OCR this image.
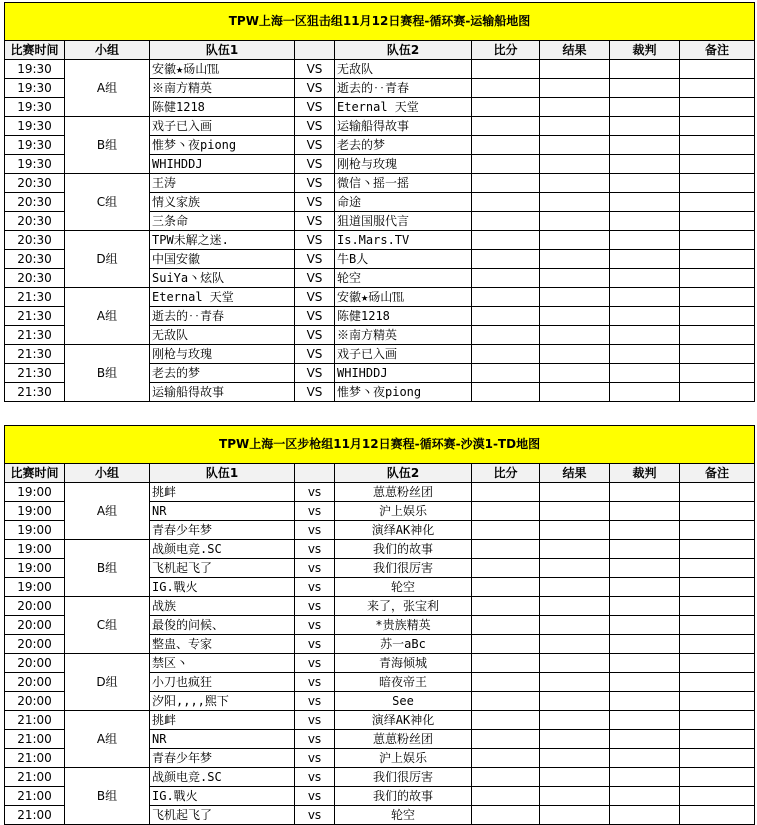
TPW上海一区狙击组11月12日赛程-循环赛-运输船地图								
比赛时间	小组	队伍1		队伍2	比分	结果	裁判	备注
19:30	A组	安徽★砀山℡	VS	无敌队				
19:30		※南方精英	VS	逝去的‥青春				
19:30		陈健1218	VS	Eternal 天堂				
19:30	B组	戏子已入画	VS	运输船得故事				
19:30		惟梦丶夜piong	VS	老去的梦				
19:30		WHIHDDJ	VS	刚枪与玫瑰				
20:30	C组	王涛	VS	微信丶摇一摇				
20:30		情义家族	VS	命途				
20:30		三条命	VS	狙道国服代言				
20:30	D组	TPW未解之迷.	VS	Is.Mars.TV				
20:30		中国安徽	VS	牛B人				
20:30		SuiYa丶炫队	VS	轮空				
21:30	A组	Eternal 天堂	VS	安徽★砀山℡				
21:30		逝去的‥青春	VS	陈健1218				
21:30		无敌队	VS	※南方精英				
21:30	B组	刚枪与玫瑰	VS	戏子已入画				
21:30		老去的梦	VS	WHIHDDJ				
21:30		运输船得故事	VS	惟梦丶夜piong				
TPW上海一区步枪组11月12日赛程-循环赛-沙漠1-TD地图								
比赛时间	小组	队伍1		队伍2	比分	结果	裁判	备注
19:00	A组	挑衅	vs	葸葸粉丝团				
19:00		NR	vs	沪上娱乐				
19:00		青春少年梦	vs	演绎AK神化				
19:00	B组	战颜电竞.SC	vs	我们的故事				
19:00		飞机起飞了	vs	我们很厉害				
19:00		IG.戰火	vs	轮空				
20:00	C组	战族	vs	来了，张宝利				
20:00		最俊的问候、	vs	*贵族精英				
20:00		整蛊、专家	vs	苏一aBc				
20:00	D组	禁区丶	vs	青海倾城				
20:00		小刀也疯狂	vs	暗夜帝王				
20:00		汐阳,,,,熙下	vs	See				
21:00	A组	挑衅	vs	演绎AK神化				
21:00		NR	vs	葸葸粉丝团				
21:00		青春少年梦	vs	沪上娱乐				
21:00	B组	战颜电竞.SC	vs	我们很厉害				
21:00		IG.戰火	vs	我们的故事				
21:00		飞机起飞了	vs	轮空				
